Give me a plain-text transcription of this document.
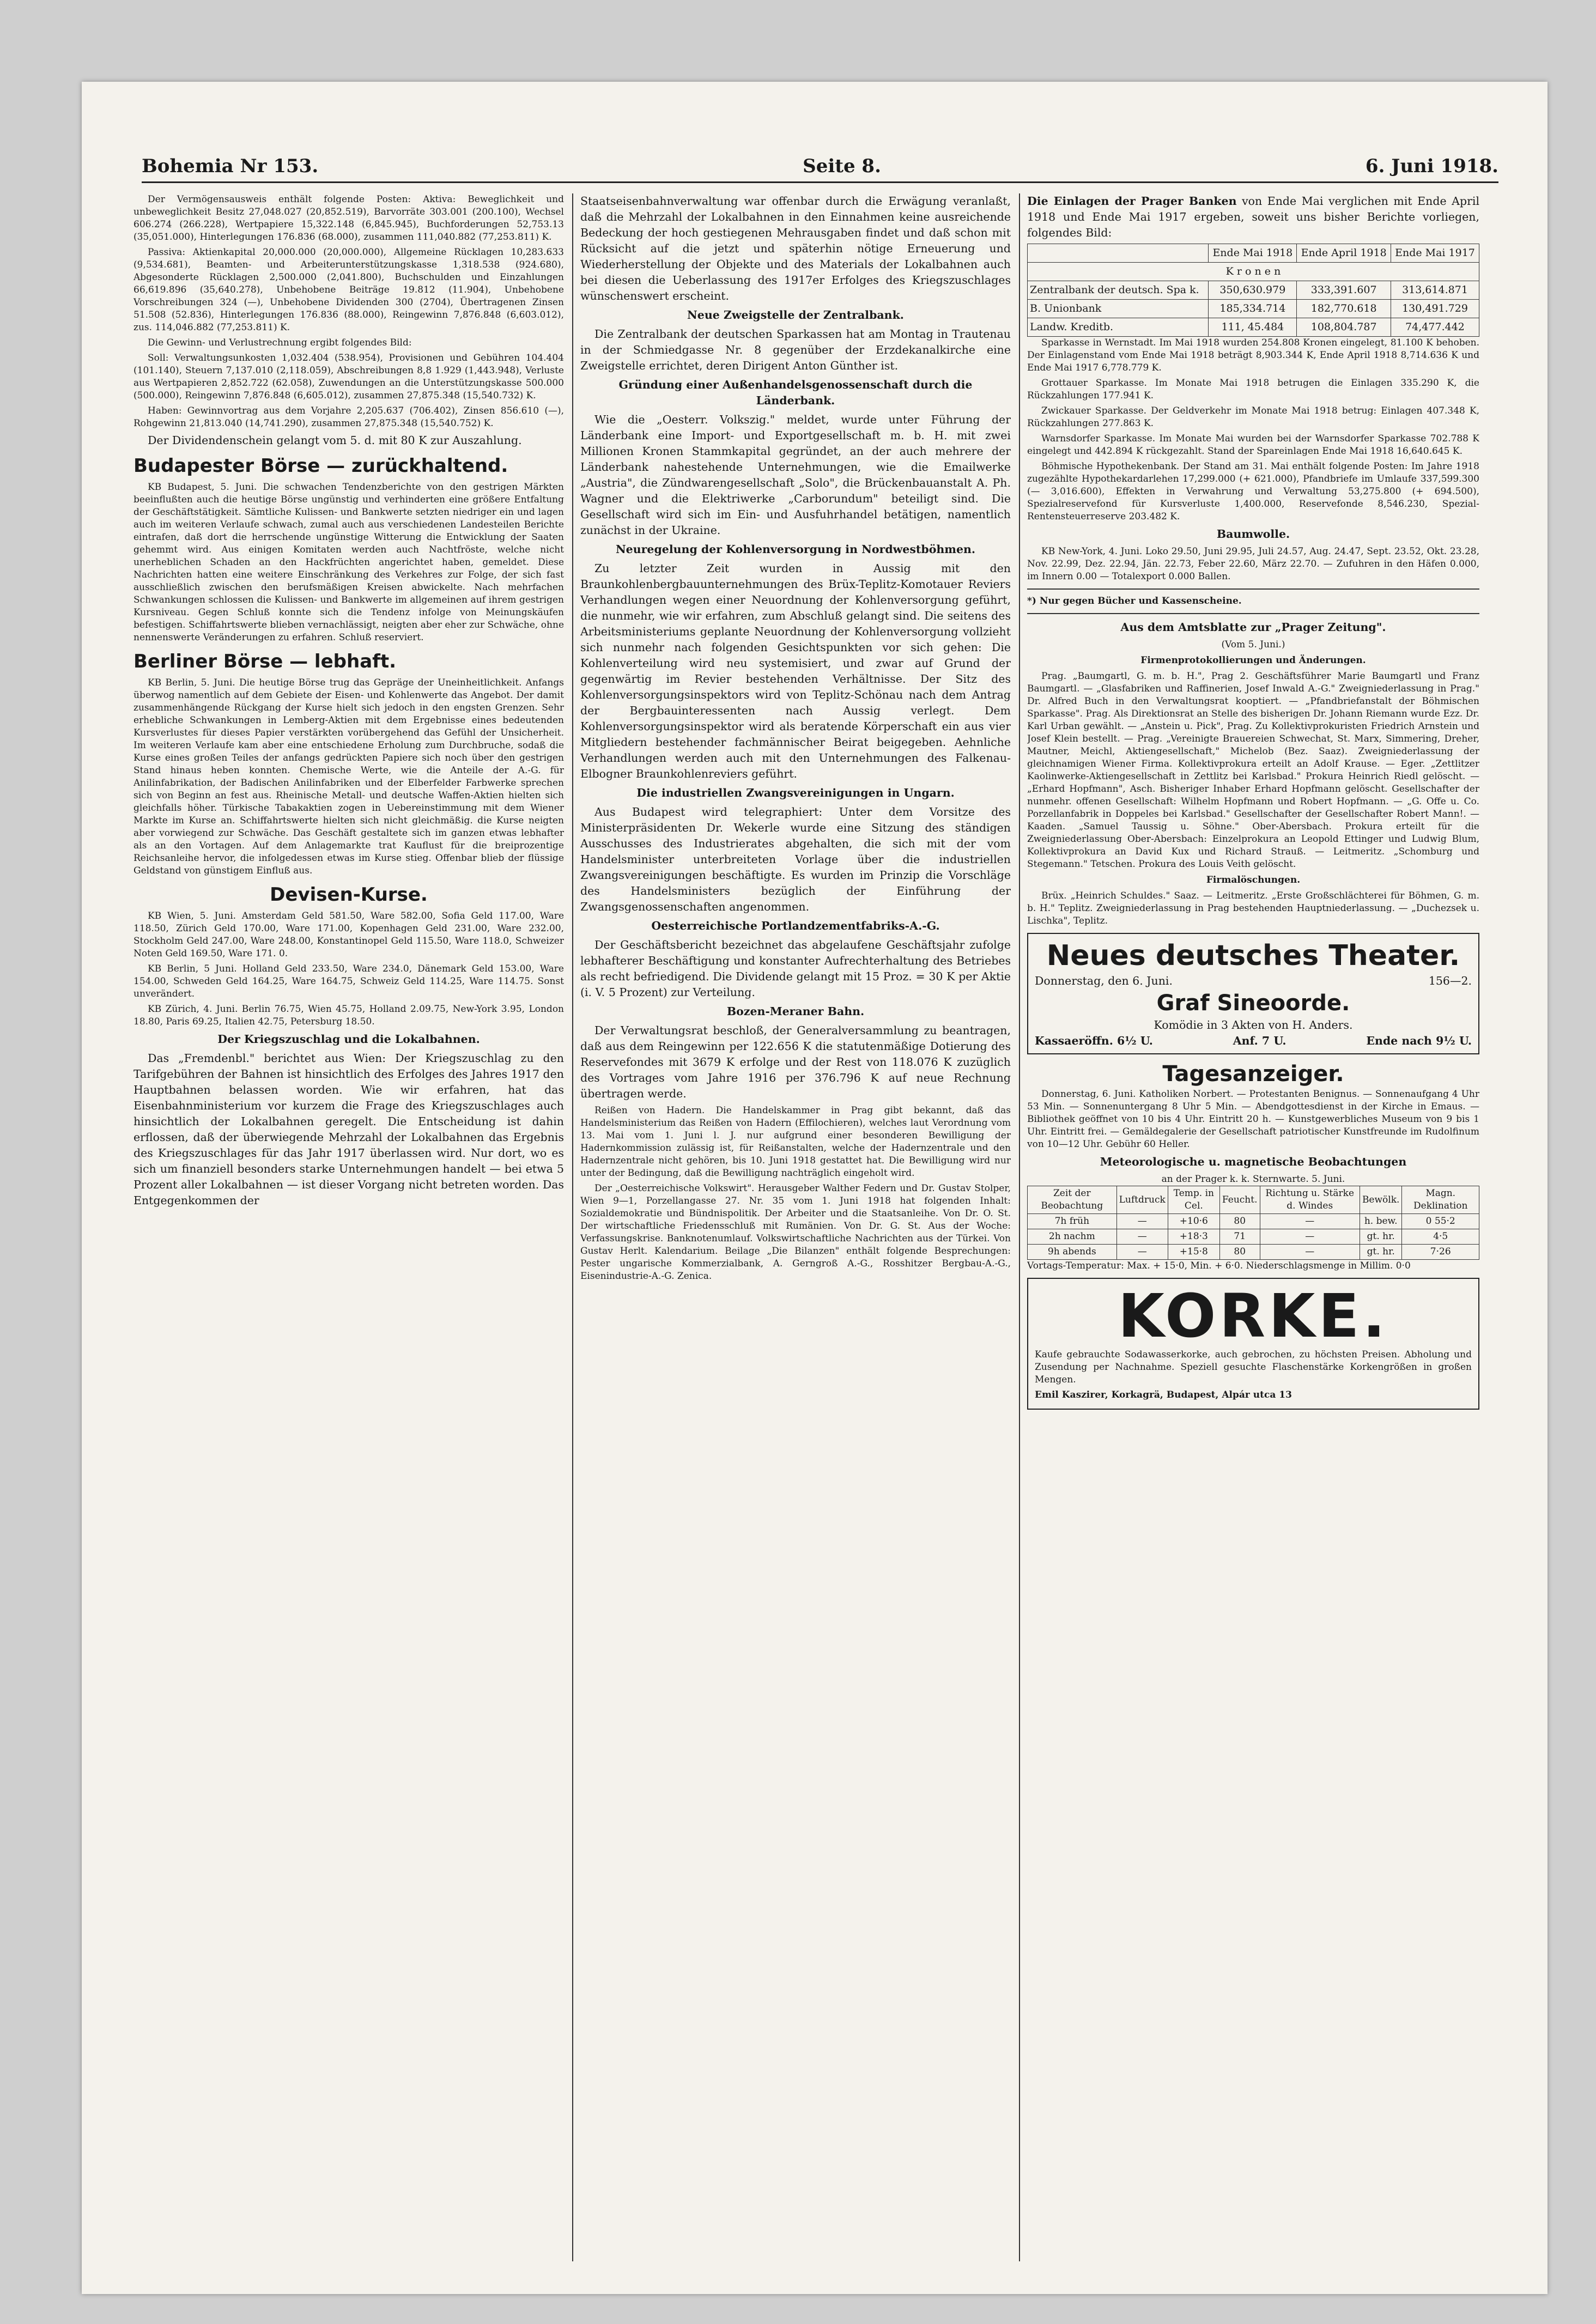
Bohemia Nr 153.	Seite 8.	6. Juni 1918.

Der Vermögensausweis enthält folgende Posten: Aktiva: Beweglichkeit und unbeweglichkeit Besitz 27,048.027 (20,852.519), Barvorräte 303.001 (200.100), Wechsel 606.274 (266.228), Wertpapiere 15,322.148 (6,845.945), Buchforderungen 52,753.13 (35,051.000), Hinterlegungen 176.836 (68.000), zusammen 111,040.882 (77,253.811) K.

Passiva: Aktienkapital 20,000.000 (20,000.000), Allgemeine Rücklagen 10,283.633 (9,534.681), Beamten- und Arbeiterunterstützungskasse 1,318.538 (924.680), Abgesonderte Rücklagen 2,500.000 (2,041.800), Buchschulden und Einzahlungen 66,619.896 (35,640.278), Unbehobene Beiträge 19.812 (11.904), Unbehobene Vorschreibungen 324 (—), Unbehobene Dividenden 300 (2704), Übertragenen Zinsen 51.508 (52.836), Hinterlegungen 176.836 (88.000), Reingewinn 7,876.848 (6,603.012), zus. 114,046.882 (77,253.811) K.

Die Gewinn- und Verlustrechnung ergibt folgendes Bild:

Soll: Verwaltungsunkosten 1,032.404 (538.954), Provisionen und Gebühren 104.404 (101.140), Steuern 7,137.010 (2,118.059), Abschreibungen 8,8 1.929 (1,443.948), Verluste aus Wertpapieren 2,852.722 (62.058), Zuwendungen an die Unterstützungskasse 500.000 (500.000), Reingewinn 7,876.848 (6,605.012), zusammen 27,875.348 (15,540.732) K.

Haben: Gewinnvortrag aus dem Vorjahre 2,205.637 (706.402), Zinsen 856.610 (—), Rohgewinn 21,813.040 (14,741.290), zusammen 27,875.348 (15,540.752) K.

Der Dividendenschein gelangt vom 5. d. mit 80 K zur Auszahlung.

Budapester Börse — zurückhaltend.

KB Budapest, 5. Juni. Die schwachen Tendenzberichte von den gestrigen Märkten beeinflußten auch die heutige Börse ungünstig und verhinderten eine größere Entfaltung der Geschäftstätigkeit. Sämtliche Kulissen- und Bankwerte setzten niedriger ein und lagen auch im weiteren Verlaufe schwach, zumal auch aus verschiedenen Landesteilen Berichte eintrafen, daß dort die herrschende ungünstige Witterung die Entwicklung der Saaten gehemmt wird. Aus einigen Komitaten werden auch Nachtfröste, welche nicht unerheblichen Schaden an den Hackfrüchten angerichtet haben, gemeldet. Diese Nachrichten hatten eine weitere Einschränkung des Verkehres zur Folge, der sich fast ausschließlich zwischen den berufsmäßigen Kreisen abwickelte. Nach mehrfachen Schwankungen schlossen die Kulissen- und Bankwerte im allgemeinen auf ihrem gestrigen Kursniveau. Gegen Schluß konnte sich die Tendenz infolge von Meinungskäufen befestigen. Schiffahrtswerte blieben vernachlässigt, neigten aber eher zur Schwäche, ohne nennenswerte Veränderungen zu erfahren. Schluß reserviert.

Berliner Börse — lebhaft.

KB Berlin, 5. Juni. Die heutige Börse trug das Gepräge der Uneinheitlichkeit. Anfangs überwog namentlich auf dem Gebiete der Eisen- und Kohlenwerte das Angebot. Der damit zusammenhängende Rückgang der Kurse hielt sich jedoch in den engsten Grenzen. Sehr erhebliche Schwankungen in Lemberg-Aktien mit dem Ergebnisse eines bedeutenden Kursverlustes für dieses Papier verstärkten vorübergehend das Gefühl der Unsicherheit. Im weiteren Verlaufe kam aber eine entschiedene Erholung zum Durchbruche, sodaß die Kurse eines großen Teiles der anfangs gedrückten Papiere sich noch über den gestrigen Stand hinaus heben konnten. Chemische Werte, wie die Anteile der A.-G. für Anilinfabrikation, der Badischen Anilinfabriken und der Elberfelder Farbwerke sprechen sich von Beginn an fest aus. Rheinische Metall- und deutsche Waffen-Aktien hielten sich gleichfalls höher. Türkische Tabakaktien zogen in Uebereinstimmung mit dem Wiener Markte im Kurse an. Schiffahrtswerte hielten sich nicht gleichmäßig. die Kurse neigten aber vorwiegend zur Schwäche. Das Geschäft gestaltete sich im ganzen etwas lebhafter als an den Vortagen. Auf dem Anlagemarkte trat Kauflust für die breiprozentige Reichsanleihe hervor, die infolgedessen etwas im Kurse stieg. Offenbar blieb der flüssige Geldstand von günstigem Einfluß aus.

Devisen-Kurse.

KB Wien, 5. Juni. Amsterdam Geld 581.50, Ware 582.00, Sofia Geld 117.00, Ware 118.50, Zürich Geld 170.00, Ware 171.00, Kopenhagen Geld 231.00, Ware 232.00, Stockholm Geld 247.00, Ware 248.00, Konstantinopel Geld 115.50, Ware 118.0, Schweizer Noten Geld 169.50, Ware 171. 0.

KB Berlin, 5 Juni. Holland Geld 233.50, Ware 234.0, Dänemark Geld 153.00, Ware 154.00, Schweden Geld 164.25, Ware 164.75, Schweiz Geld 114.25, Ware 114.75. Sonst unverändert.

KB Zürich, 4. Juni. Berlin 76.75, Wien 45.75, Holland 2.09.75, New-York 3.95, London 18.80, Paris 69.25, Italien 42.75, Petersburg 18.50.

Der Kriegszuschlag und die Lokalbahnen.

Das „Fremdenbl." berichtet aus Wien: Der Kriegszuschlag zu den Tarifgebühren der Bahnen ist hinsichtlich des Erfolges des Jahres 1917 den Hauptbahnen belassen worden. Wie wir erfahren, hat das Eisenbahnministerium vor kurzem die Frage des Kriegszuschlages auch hinsichtlich der Lokalbahnen geregelt. Die Entscheidung ist dahin erflossen, daß der überwiegende Mehrzahl der Lokalbahnen das Ergebnis des Kriegszuschlages für das Jahr 1917 überlassen wird. Nur dort, wo es sich um finanziell besonders starke Unternehmungen handelt — bei etwa 5 Prozent aller Lokalbahnen — ist dieser Vorgang nicht betreten worden. Das Entgegenkommen der

Staatseisenbahnverwaltung war offenbar durch die Erwägung veranlaßt, daß die Mehrzahl der Lokalbahnen in den Einnahmen keine ausreichende Bedeckung der hoch gestiegenen Mehrausgaben findet und daß schon mit Rücksicht auf die jetzt und späterhin nötige Erneuerung und Wiederherstellung der Objekte und des Materials der Lokalbahnen auch bei diesen die Ueberlassung des 1917er Erfolges des Kriegszuschlages wünschenswert erscheint.

Neue Zweigstelle der Zentralbank.

Die Zentralbank der deutschen Sparkassen hat am Montag in Trautenau in der Schmiedgasse Nr. 8 gegenüber der Erzdekanalkirche eine Zweigstelle errichtet, deren Dirigent Anton Günther ist.

Gründung einer Außenhandelsgenossenschaft durch die Länderbank.

Wie die „Oesterr. Volkszig." meldet, wurde unter Führung der Länderbank eine Import- und Exportgesellschaft m. b. H. mit zwei Millionen Kronen Stammkapital gegründet, an der auch mehrere der Länderbank nahestehende Unternehmungen, wie die Emailwerke „Austria", die Zündwarengesellschaft „Solo", die Brückenbauanstalt A. Ph. Wagner und die Elektriwerke „Carborundum" beteiligt sind. Die Gesellschaft wird sich im Ein- und Ausfuhrhandel betätigen, namentlich zunächst in der Ukraine.

Neuregelung der Kohlenversorgung in Nordwestböhmen.

Zu letzter Zeit wurden in Aussig mit den Braunkohlenbergbauunternehmungen des Brüx-Teplitz-Komotauer Reviers Verhandlungen wegen einer Neuordnung der Kohlenversorgung geführt, die nunmehr, wie wir erfahren, zum Abschluß gelangt sind. Die seitens des Arbeitsministeriums geplante Neuordnung der Kohlenversorgung vollzieht sich nunmehr nach folgenden Gesichtspunkten vor sich gehen: Die Kohlenverteilung wird neu systemisiert, und zwar auf Grund der gegenwärtig im Revier bestehenden Verhältnisse. Der Sitz des Kohlenversorgungsinspektors wird von Teplitz-Schönau nach dem Antrag der Bergbauinteressenten nach Aussig verlegt. Dem Kohlenversorgungsinspektor wird als beratende Körperschaft ein aus vier Mitgliedern bestehender fachmännischer Beirat beigegeben. Aehnliche Verhandlungen werden auch mit den Unternehmungen des Falkenau-Elbogner Braunkohlenreviers geführt.

Die industriellen Zwangsvereinigungen in Ungarn.

Aus Budapest wird telegraphiert: Unter dem Vorsitze des Ministerpräsidenten Dr. Wekerle wurde eine Sitzung des ständigen Ausschusses des Industrierates abgehalten, die sich mit der vom Handelsminister unterbreiteten Vorlage über die industriellen Zwangsvereinigungen beschäftigte. Es wurden im Prinzip die Vorschläge des Handelsministers bezüglich der Einführung der Zwangsgenossenschaften angenommen.

Oesterreichische Portlandzementfabriks-A.-G.

Der Geschäftsbericht bezeichnet das abgelaufene Geschäftsjahr zufolge lebhafterer Beschäftigung und konstanter Aufrechterhaltung des Betriebes als recht befriedigend. Die Dividende gelangt mit 15 Proz. = 30 K per Aktie (i. V. 5 Prozent) zur Verteilung.

Bozen-Meraner Bahn.

Der Verwaltungsrat beschloß, der Generalversammlung zu beantragen, daß aus dem Reingewinn per 122.656 K die statutenmäßige Dotierung des Reservefondes mit 3679 K erfolge und der Rest von 118.076 K zuzüglich des Vortrages vom Jahre 1916 per 376.796 K auf neue Rechnung übertragen werde.

Reißen von Hadern. Die Handelskammer in Prag gibt bekannt, daß das Handelsministerium das Reißen von Hadern (Effilochieren), welches laut Verordnung vom 13. Mai vom 1. Juni l. J. nur aufgrund einer besonderen Bewilligung der Hadernkommission zulässig ist, für Reißanstalten, welche der Hadernzentrale und den Hadernzentrale nicht gehören, bis 10. Juni 1918 gestattet hat. Die Bewilligung wird nur unter der Bedingung, daß die Bewilligung nachträglich eingeholt wird.

Der „Oesterreichische Volkswirt". Herausgeber Walther Federn und Dr. Gustav Stolper, Wien 9—1, Porzellangasse 27. Nr. 35 vom 1. Juni 1918 hat folgenden Inhalt: Sozialdemokratie und Bündnispolitik. Der Arbeiter und die Staatsanleihe. Von Dr. O. St. Der wirtschaftliche Friedensschluß mit Rumänien. Von Dr. G. St. Aus der Woche: Verfassungskrise. Banknotenumlauf. Volkswirtschaftliche Nachrichten aus der Türkei. Von Gustav Herlt. Kalendarium. Beilage „Die Bilanzen" enthält folgende Besprechungen: Pester ungarische Kommerzialbank, A. Gerngroß A.-G., Rosshitzer Bergbau-A.-G., Eisenindustrie-A.-G. Zenica.

Die Einlagen der Prager Banken von Ende Mai verglichen mit Ende April 1918 und Ende Mai 1917 ergeben, soweit uns bisher Berichte vorliegen, folgendes Bild:

	Ende Mai 1918	Ende April 1918	Ende Mai 1917
K r o n e n			
Zentralbank der deutsch. Spa k.	350,630.979	333,391.607	313,614.871
B. Unionbank	185,334.714	182,770.618	130,491.729
Landw. Kreditb.	111, 45.484	108,804.787	74,477.442

Sparkasse in Wernstadt. Im Mai 1918 wurden 254.808 Kronen eingelegt, 81.100 K behoben. Der Einlagenstand vom Ende Mai 1918 beträgt 8,903.344 K, Ende April 1918 8,714.636 K und Ende Mai 1917 6,778.779 K.

Grottauer Sparkasse. Im Monate Mai 1918 betrugen die Einlagen 335.290 K, die Rückzahlungen 177.941 K.

Zwickauer Sparkasse. Der Geldverkehr im Monate Mai 1918 betrug: Einlagen 407.348 K, Rückzahlungen 277.863 K.

Warnsdorfer Sparkasse. Im Monate Mai wurden bei der Warnsdorfer Sparkasse 702.788 K eingelegt und 442.894 K rückgezahlt. Stand der Spareinlagen Ende Mai 1918 16,640.645 K.

Böhmische Hypothekenbank. Der Stand am 31. Mai enthält folgende Posten: Im Jahre 1918 zugezählte Hypothekardarlehen 17,299.000 (+ 621.000), Pfandbriefe im Umlaufe 337,599.300 (— 3,016.600), Effekten in Verwahrung und Verwaltung 53,275.800 (+ 694.500), Spezialreservefond für Kursverluste 1,400.000, Reservefonde 8,546.230, Spezial-Rentensteuerreserve 203.482 K.

Baumwolle.

KB New-York, 4. Juni. Loko 29.50, Juni 29.95, Juli 24.57, Aug. 24.47, Sept. 23.52, Okt. 23.28, Nov. 22.99, Dez. 22.94, Jän. 22.73, Feber 22.60, März 22.70. — Zufuhren in den Häfen 0.000, im Innern 0.00 — Totalexport 0.000 Ballen.

*) Nur gegen Bücher und Kassenscheine.

Aus dem Amtsblatte zur „Prager Zeitung".
(Vom 5. Juni.)
Firmenprotokollierungen und Änderungen.

Prag. „Baumgartl, G. m. b. H.", Prag 2. Geschäftsführer Marie Baumgartl und Franz Baumgartl. — „Glasfabriken und Raffinerien, Josef Inwald A.-G." Zweigniederlassung in Prag." Dr. Alfred Buch in den Verwaltungsrat kooptiert. — „Pfandbriefanstalt der Böhmischen Sparkasse". Prag. Als Direktionsrat an Stelle des bisherigen Dr. Johann Riemann wurde Ezz. Dr. Karl Urban gewählt. — „Anstein u. Pick", Prag. Zu Kollektivprokuristen Friedrich Arnstein und Josef Klein bestellt. — Prag. „Vereinigte Brauereien Schwechat, St. Marx, Simmering, Dreher, Mautner, Meichl, Aktiengesellschaft," Michelob (Bez. Saaz). Zweigniederlassung der gleichnamigen Wiener Firma. Kollektivprokura erteilt an Adolf Krause. — Eger. „Zettlitzer Kaolinwerke-Aktiengesellschaft in Zettlitz bei Karlsbad." Prokura Heinrich Riedl gelöscht. — „Erhard Hopfmann", Asch. Bisheriger Inhaber Erhard Hopfmann gelöscht. Gesellschafter der nunmehr. offenen Gesellschaft: Wilhelm Hopfmann und Robert Hopfmann. — „G. Offe u. Co. Porzellanfabrik in Doppeles bei Karlsbad." Gesellschafter der Gesellschafter Robert Mann!. — Kaaden. „Samuel Taussig u. Söhne." Ober-Abersbach. Prokura erteilt für die Zweigniederlassung Ober-Abersbach: Einzelprokura an Leopold Ettinger und Ludwig Blum, Kollektivprokura an David Kux und Richard Strauß. — Leitmeritz. „Schomburg und Stegemann." Tetschen. Prokura des Louis Veith gelöscht.

Firmalöschungen.

Brüx. „Heinrich Schuldes." Saaz. — Leitmeritz. „Erste Großschlächterei für Böhmen, G. m. b. H." Teplitz. Zweigniederlassung in Prag bestehenden Hauptniederlassung. — „Duchezsek u. Lischka", Teplitz.

Neues deutsches Theater.
Donnerstag, den 6. Juni.	156—2.
Graf Sineoorde.
Komödie in 3 Akten von H. Anders.
Kassaeröffn. 6½ U.	Anf. 7 U.	Ende nach 9½ U.
Tagesanzeiger.

Donnerstag, 6. Juni. Katholiken Norbert. — Protestanten Benignus. — Sonnenaufgang 4 Uhr 53 Min. — Sonnenuntergang 8 Uhr 5 Min. — Abendgottesdienst in der Kirche in Emaus. — Bibliothek geöffnet von 10 bis 4 Uhr. Eintritt 20 h. — Kunstgewerbliches Museum von 9 bis 1 Uhr. Eintritt frei. — Gemäldegalerie der Gesellschaft patriotischer Kunstfreunde im Rudolfinum von 10—12 Uhr. Gebühr 60 Heller.

Meteorologische u. magnetische Beobachtungen
an der Prager k. k. Sternwarte. 5. Juni.
Zeit der Beobachtung	Luftdruck	Temp. in Cel.	Feucht.	Richtung u. Stärke d. Windes	Bewölk.	Magn. Deklination
7h früh	—	+10·6	80	—	h. bew.	0 55·2
2h nachm	—	+18·3	71	—	gt. hr.	4·5
9h abends	—	+15·8	80	—	gt. hr.	7·26

Vortags-Temperatur: Max. + 15·0, Min. + 6·0. Niederschlagsmenge in Millim. 0·0

KORKE.

Kaufe gebrauchte Sodawasserkorke, auch gebrochen, zu höchsten Preisen. Abholung und Zusendung per Nachnahme. Speziell gesuchte Flaschenstärke Korkengrößen in großen Mengen.

Emil Kaszirer, Korkagrä, Budapest, Alpár utca 13
